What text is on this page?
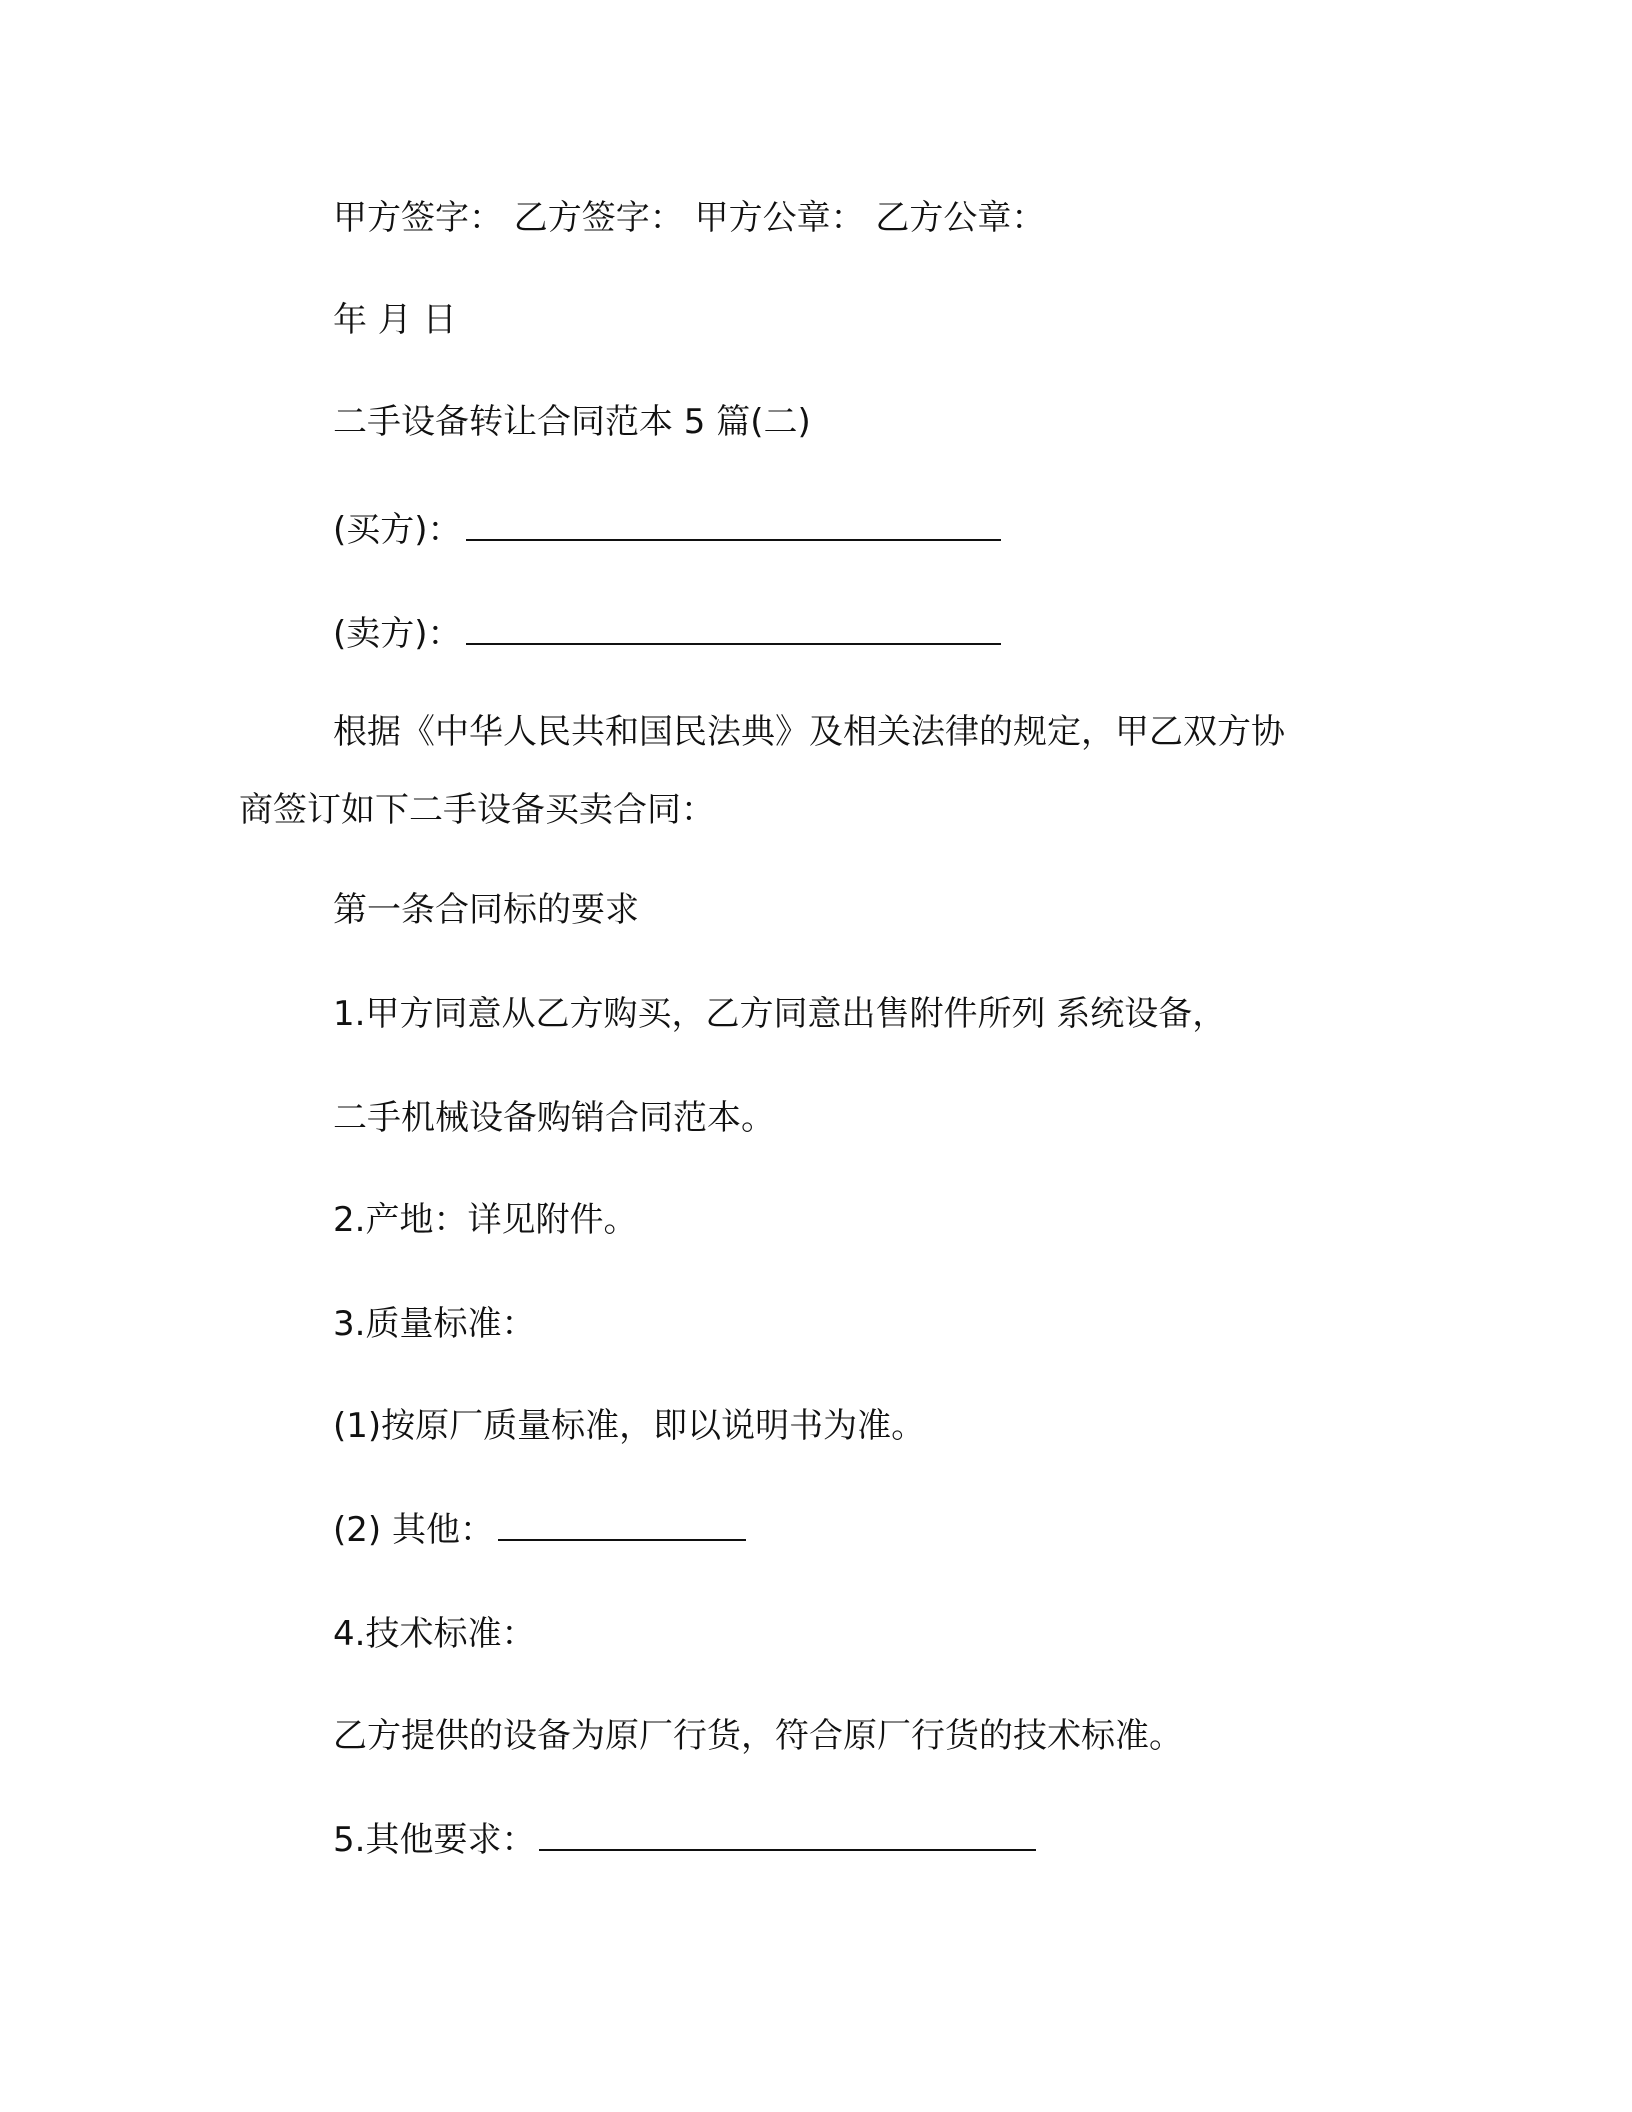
甲方签字： 乙方签字： 甲方公章： 乙方公章：
年 月 日
二手设备转让合同范本 5 篇(二)
(买方)：
(卖方)：
根据《中华人民共和国民法典》及相关法律的规定，甲乙双方协
商签订如下二手设备买卖合同：
第一条合同标的要求
1.甲方同意从乙方购买，乙方同意出售附件所列 系统设备，
二手机械设备购销合同范本。
2.产地：详见附件。
3.质量标准：
(1)按原厂质量标准，即以说明书为准。
(2) 其他：
4.技术标准：
乙方提供的设备为原厂行货，符合原厂行货的技术标准。
5.其他要求：
